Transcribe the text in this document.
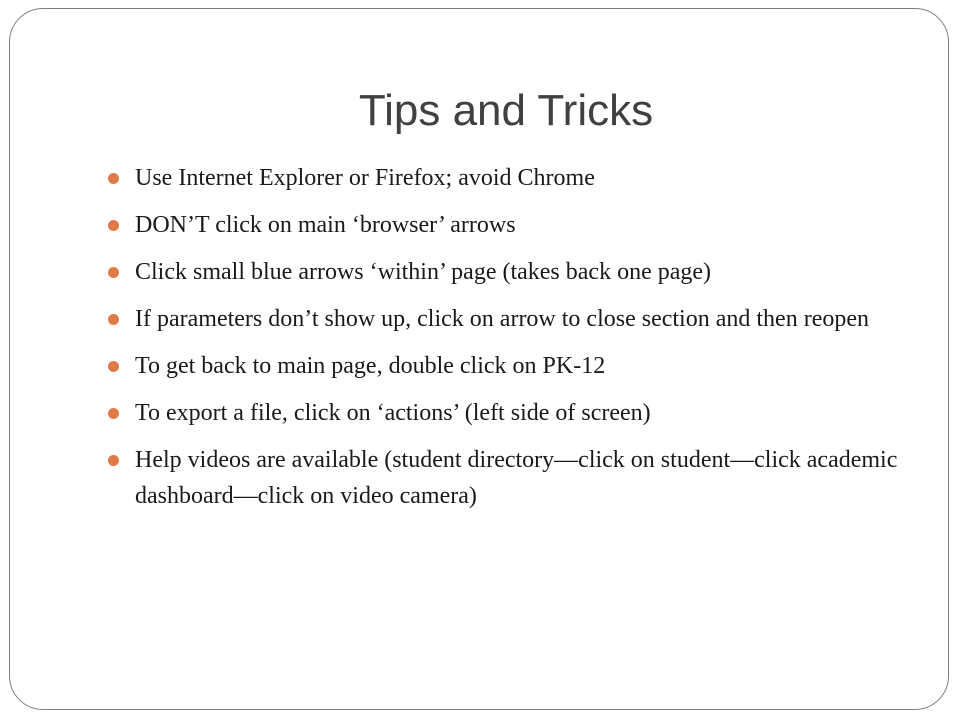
Tips and Tricks
Use Internet Explorer or Firefox; avoid Chrome
DON’T click on main ‘browser’ arrows
Click small blue arrows ‘within’ page (takes back one page)
If parameters don’t show up, click on arrow to close section and then reopen
To get back to main page, double click on PK-12
To export a file, click on ‘actions’ (left side of screen)
Help videos are available (student directory—click on student—click academic dashboard—click on video camera)
